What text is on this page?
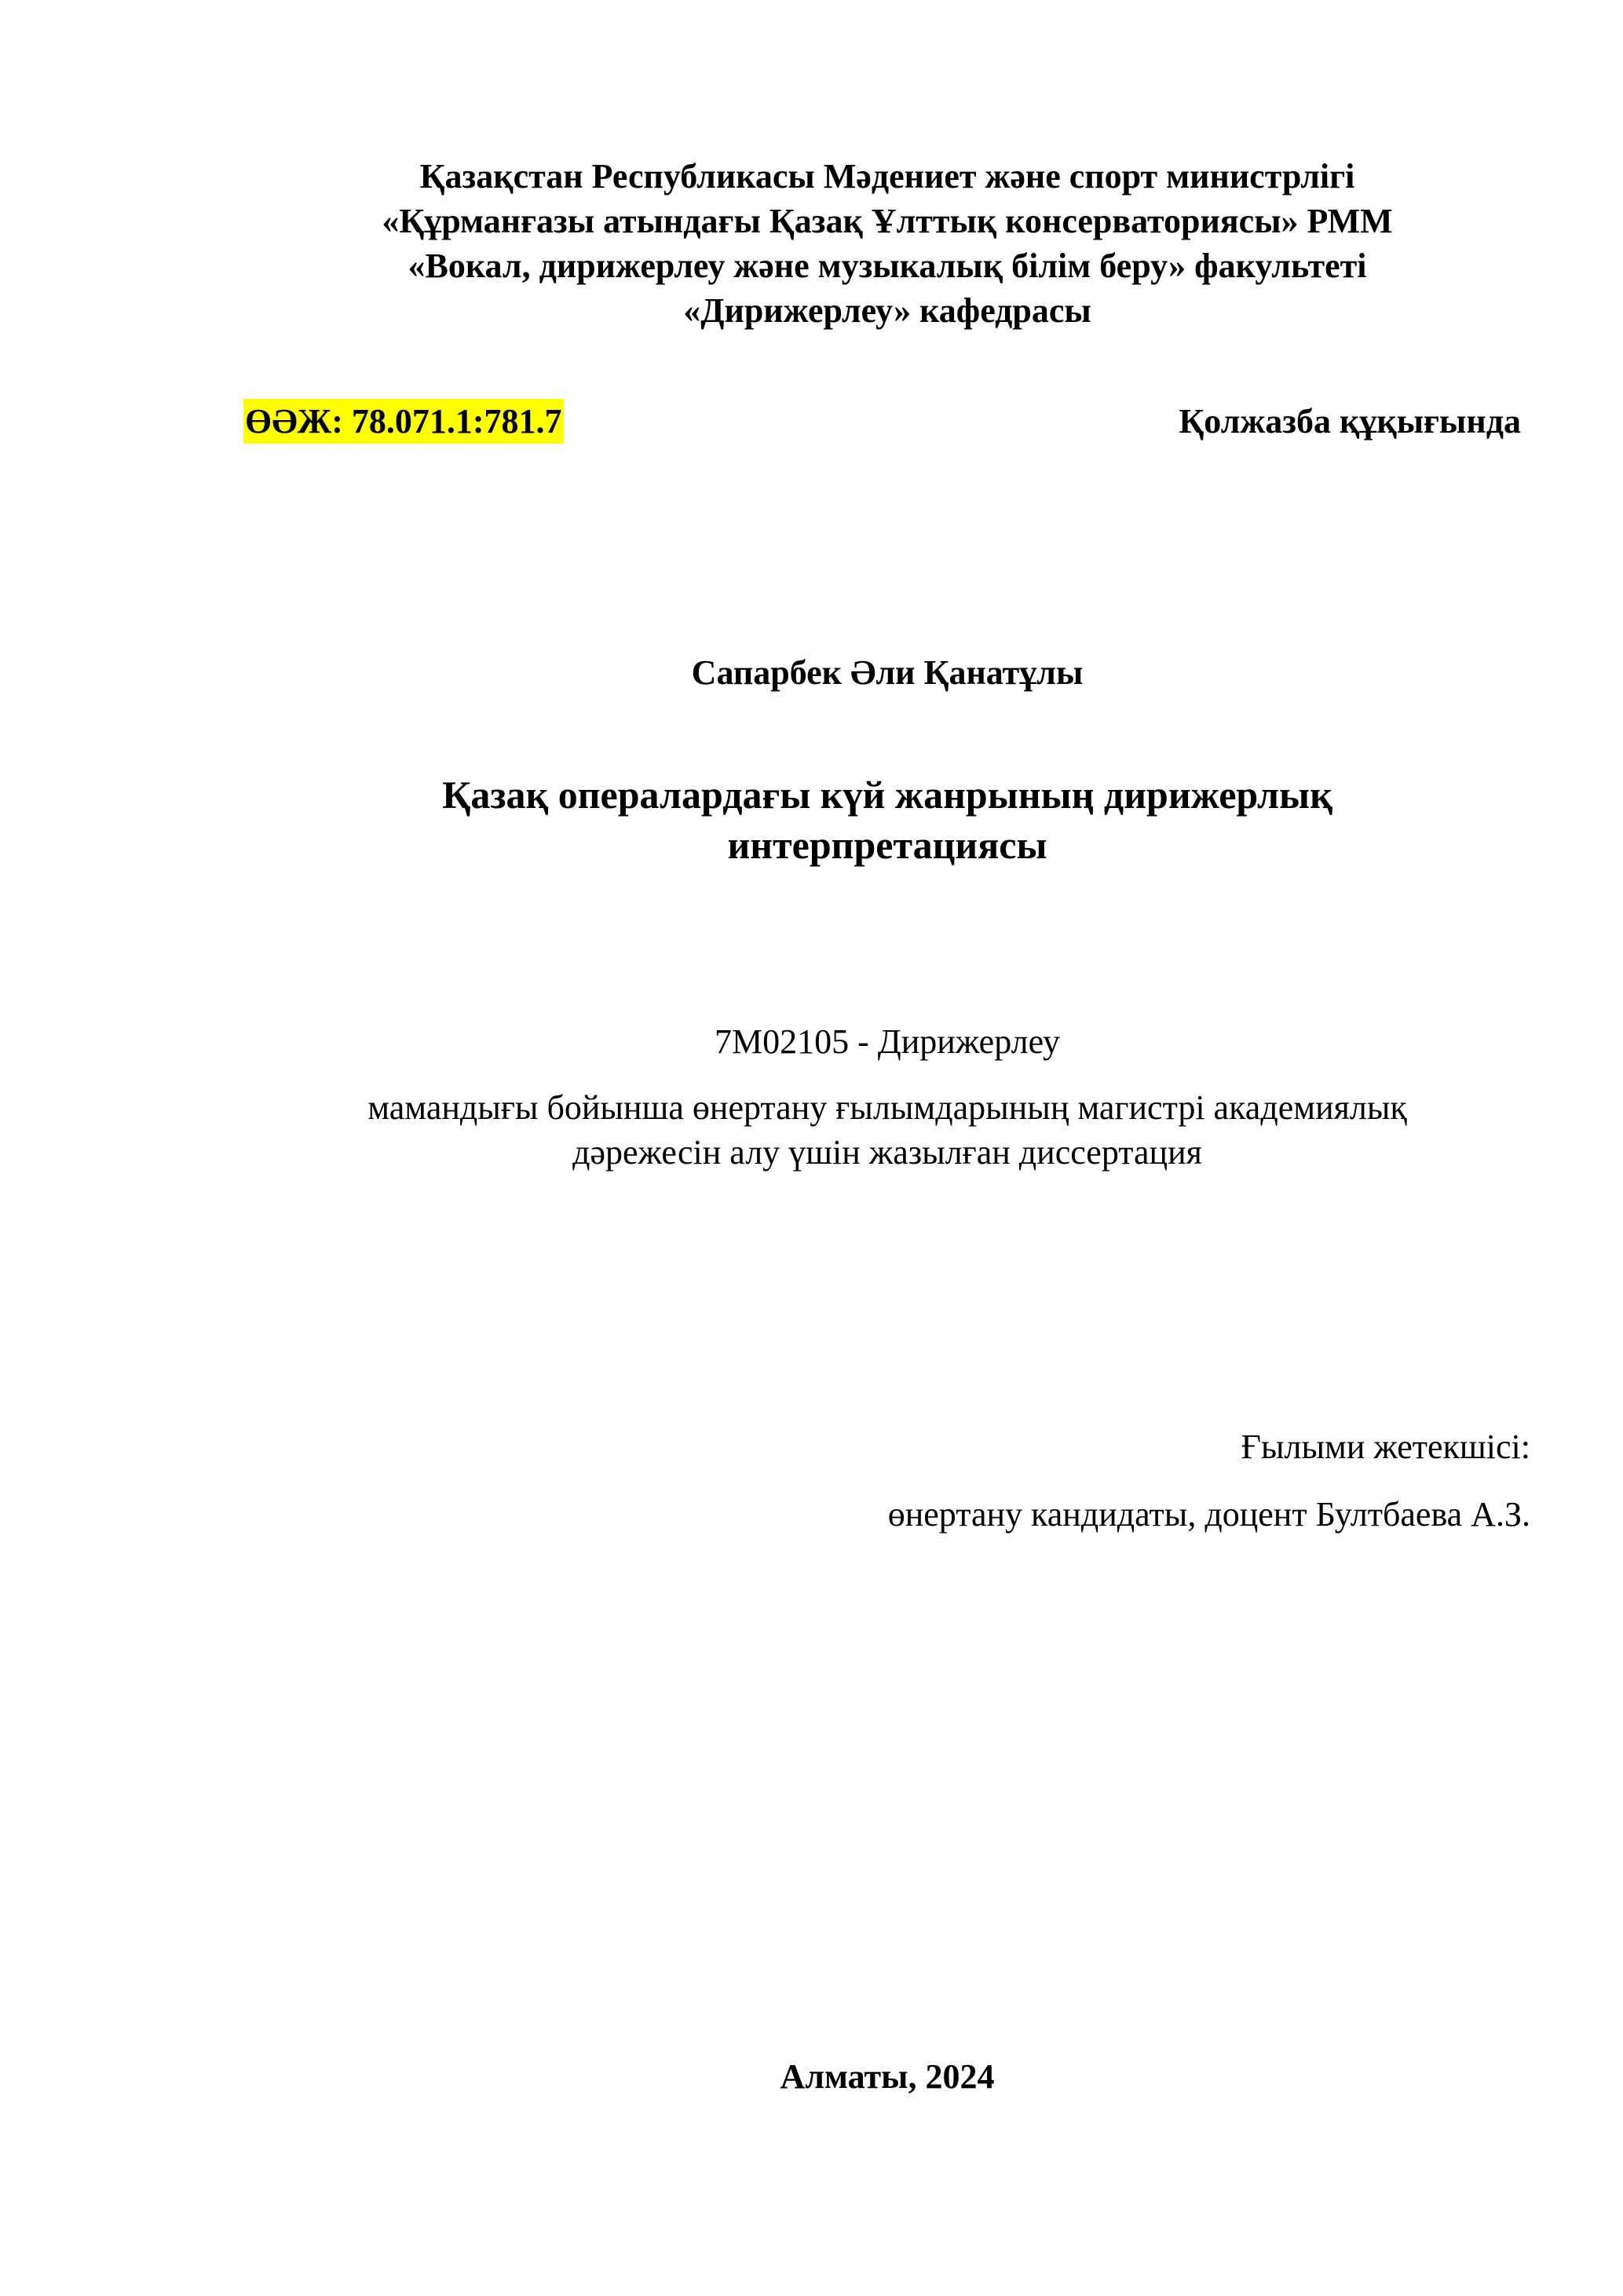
Қазақстан Республикасы Мәдениет және спорт министрлігі
«Құрманғазы атындағы Қазақ Ұлттық консерваториясы» РММ
«Вокал, дирижерлеу және музыкалық білім беру» факультеті
«Дирижерлеу» кафедрасы
ӨӘЖ: 78.071.1:781.7	Қолжазба құқығында
Сапарбек Әли Қанатұлы
Қазақ опералардағы күй жанрының дирижерлық
интерпретациясы
7М02105 - Дирижерлеу
мамандығы бойынша өнертану ғылымдарының магистрі академиялық
дәрежесін алу үшін жазылған диссертация
Ғылыми жетекшісі:
өнертану кандидаты, доцент Бултбаева А.З.
Алматы, 2024
